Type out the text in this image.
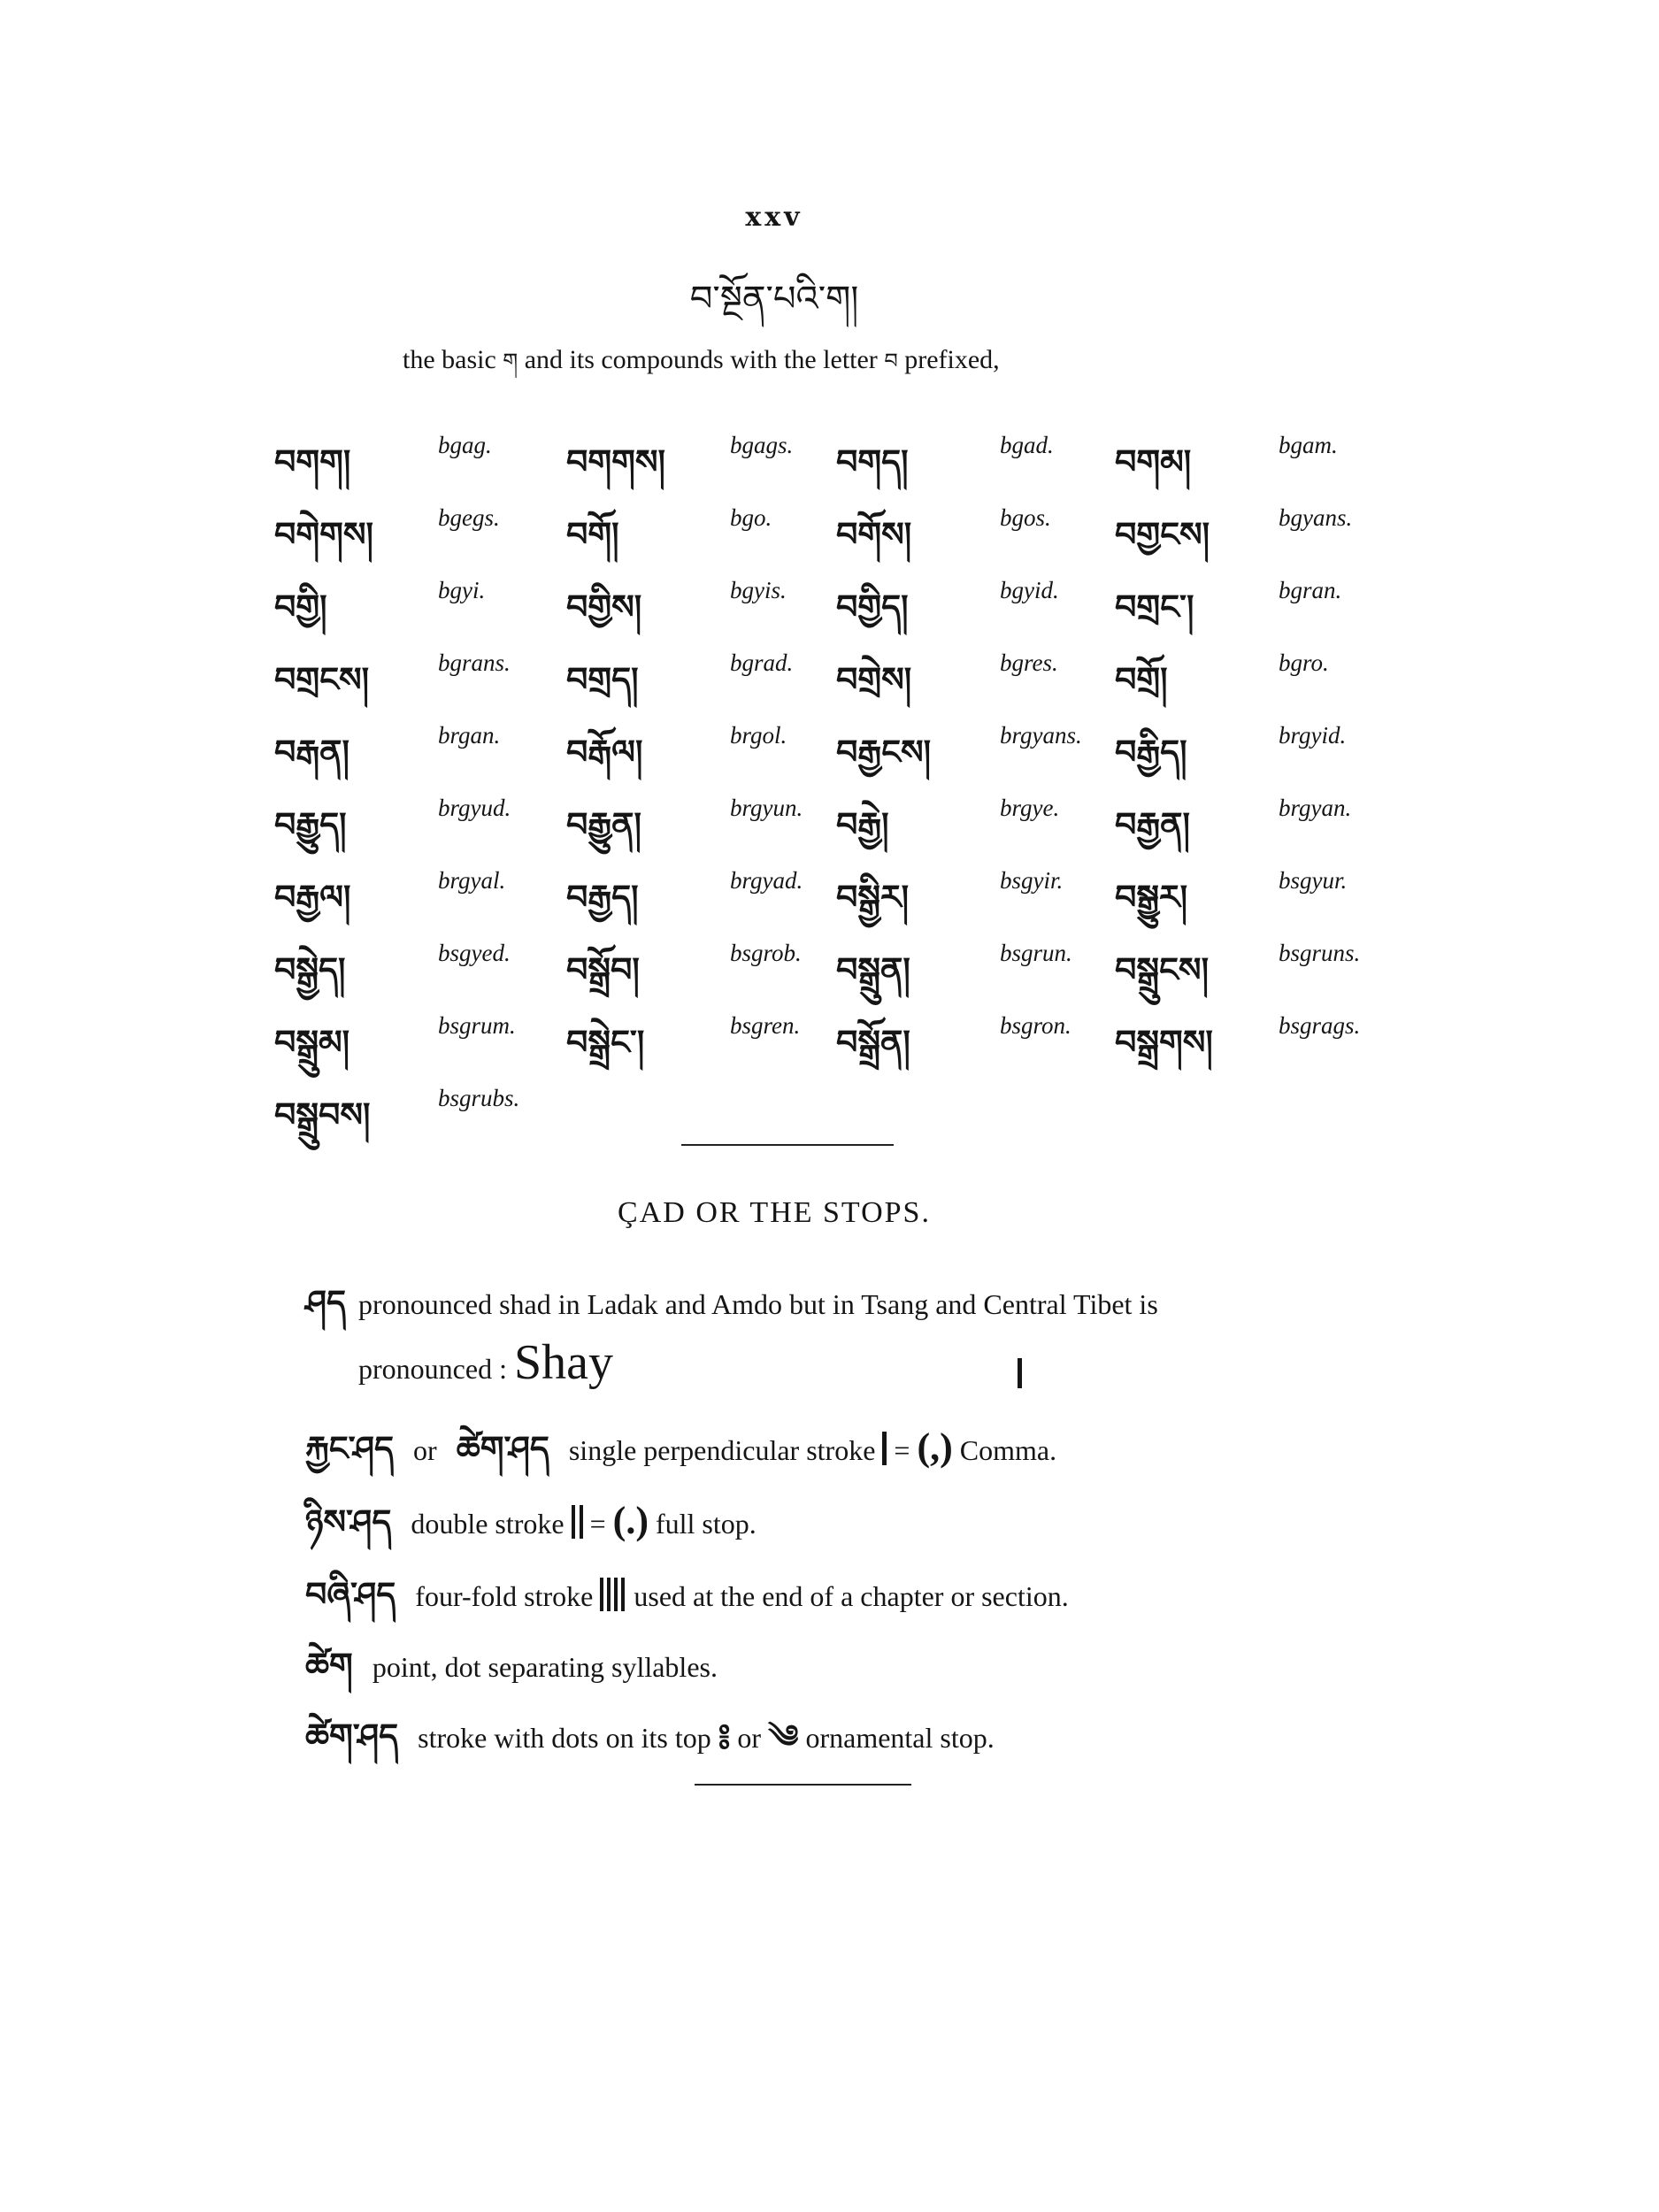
xxv
བ་སྔོན་པའི་ག།
the basic ག and its compounds with the letter བ prefixed,
བགག།	bgag. བགགས།	bgags. བགད།	bgad. བགམ།	bgam.
བགེགས།	bgegs. བགོ།	bgo. བགོས།	bgos. བགྱངས།	bgyans.
བགྱི།	bgyi. བགྱིས།	bgyis. བགྱིད།	bgyid. བགྲང་།	bgran.
བགྲངས།	bgrans. བགྲད།	bgrad. བགྲེས།	bgres. བགྲོ།	bgro.
བརྒན།	brgan. བརྒོལ།	brgol. བརྒྱངས།	brgyans. བརྒྱིད།	brgyid.
བརྒྱུད།	brgyud. བརྒྱུན།	brgyun. བརྒྱེ།	brgye. བརྒྱན།	brgyan.
བརྒྱལ།	brgyal. བརྒྱད།	brgyad. བསྒྱིར།	bsgyir. བསྒྱུར།	bsgyur.
བསྒྱེད།	bsgyed. བསྒྲོབ།	bsgrob. བསྒྲུན།	bsgrun. བསྒྲུངས།	bsgruns.
བསྒྲུམ།	bsgrum. བསྒྲེང་།	bsgren. བསྒྲོན།	bsgron. བསྒྲགས།	bsgrags.
བསྒྲུབས།	bsgrubs.
ÇAD OR THE STOPS.
ཤད pronounced shad in Ladak and Amdo but in Tsang and Central Tibet is
pronounced : Shay
རྐྱང་ཤད or ཚེག་ཤད single perpendicular stroke = (,) Comma.
ཉིས་ཤད double stroke = (.) full stop.
བཞི་ཤད four-fold stroke used at the end of a chapter or section.
ཚེག point, dot separating syllables.
ཚེག་ཤད stroke with dots on its top ༔ or ༄ ornamental stop.
